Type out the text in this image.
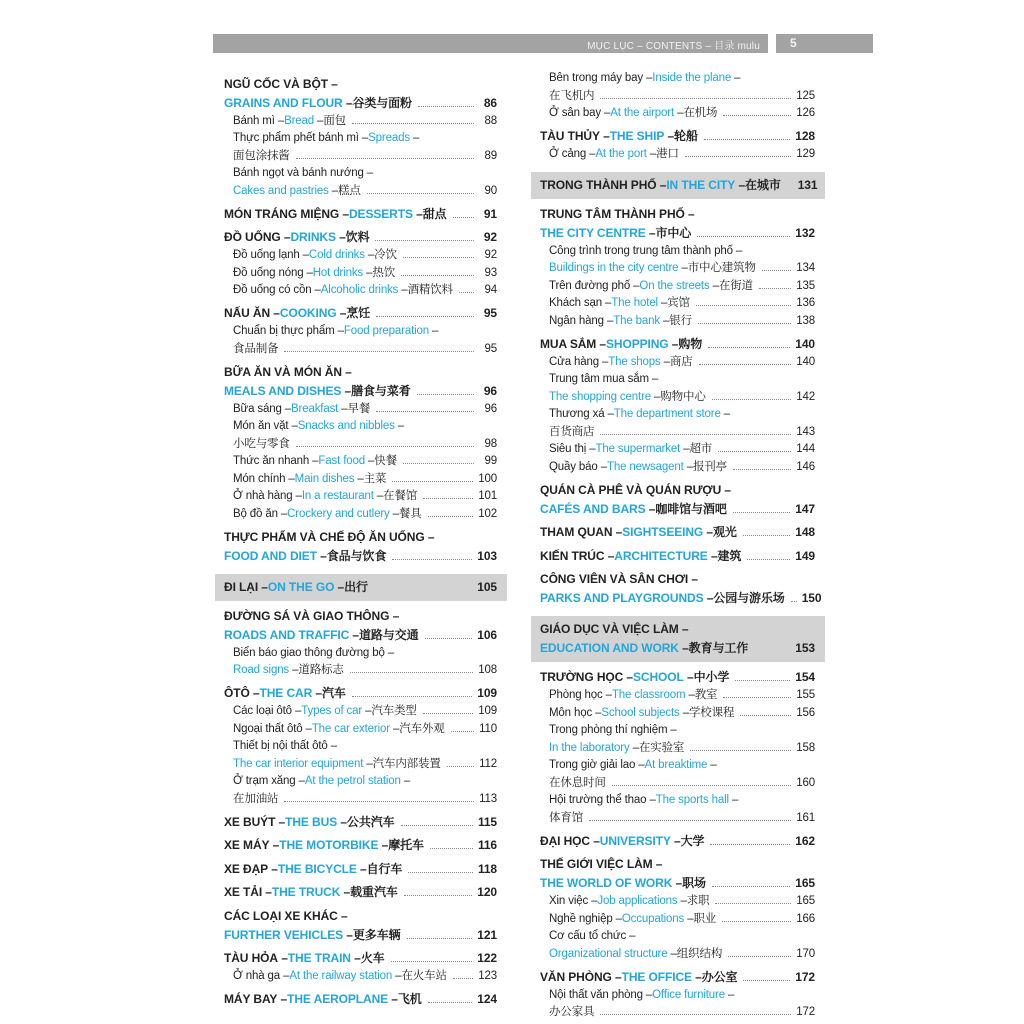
MỤC LỤC – CONTENTS – 目录 mulu	5
NGŨ CỐC VÀ BỘT
–
GRAINS AND FLOUR – 谷类与面粉	86
Bánh mì – Bread – 面包	88
Thực phẩm phết bánh mì – Spreads
–
面包涂抹酱	89
Bánh ngọt và bánh nướng
–
Cakes and pastries – 糕点	90
MÓN TRÁNG MIỆNG – DESSERTS – 甜点	91
ĐỒ UỐNG – DRINKS – 饮料	92
Đồ uống lạnh – Cold drinks – 冷饮	92
Đồ uống nóng – Hot drinks – 热饮	93
Đồ uống có cồn – Alcoholic drinks – 酒精饮料	94
NẤU ĂN – COOKING – 烹饪	95
Chuẩn bị thực phẩm – Food preparation
–
食品制备	95
BỮA ĂN VÀ MÓN ĂN
–
MEALS AND DISHES – 膳食与菜肴	96
Bữa sáng – Breakfast – 早餐	96
Món ăn vặt – Snacks and nibbles
–
小吃与零食	98
Thức ăn nhanh – Fast food – 快餐	99
Món chính – Main dishes – 主菜	100
Ở nhà hàng – In a restaurant – 在餐馆	101
Bộ đồ ăn – Crockery and cutlery – 餐具	102
THỰC PHẨM VÀ CHẾ ĐỘ ĂN UỐNG
–
FOOD AND DIET – 食品与饮食	103
ĐI LẠI – ON THE GO – 出行	105
ĐƯỜNG SÁ VÀ GIAO THÔNG
–
ROADS AND TRAFFIC – 道路与交通	106
Biển báo giao thông đường bộ
–
Road signs – 道路标志	108
ÔTÔ – THE CAR – 汽车	109
Các loại ôtô – Types of car – 汽车类型	109
Ngoại thất ôtô – The car exterior – 汽车外观	110
Thiết bị nội thất ôtô
–
The car interior equipment – 汽车内部装置	112
Ở trạm xăng – At the petrol station
–
在加油站	113
XE BUÝT – THE BUS – 公共汽车	115
XE MÁY – THE MOTORBIKE – 摩托车	116
XE ĐẠP – THE BICYCLE – 自行车	118
XE TẢI – THE TRUCK – 载重汽车	120
CÁC LOẠI XE KHÁC
–
FURTHER VEHICLES – 更多车辆	121
TÀU HỎA – THE TRAIN – 火车	122
Ở nhà ga – At the railway station – 在火车站	123
MÁY BAY – THE AEROPLANE – 飞机	124
Bên trong máy bay – Inside the plane
–
在飞机内	125
Ở sân bay – At the airport – 在机场	126
TÀU THỦY – THE SHIP – 轮船	128
Ở cảng – At the port – 港口	129
TRONG THÀNH PHỐ – IN THE CITY – 在城市 131
TRUNG TÂM THÀNH PHỐ
–
THE CITY CENTRE – 市中心	132
Công trình trong trung tâm thành phố
–
Buildings in the city centre – 市中心建筑物	134
Trên đường phố – On the streets – 在街道	135
Khách sạn – The hotel – 宾馆	136
Ngân hàng – The bank – 银行	138
MUA SẮM – SHOPPING – 购物	140
Cửa hàng – The shops – 商店	140
Trung tâm mua sắm
–
The shopping centre – 购物中心	142
Thương xá – The department store
–
百货商店	143
Siêu thị – The supermarket – 超市	144
Quầy báo – The newsagent – 报刊亭	146
QUÁN CÀ PHÊ VÀ QUÁN RƯỢU
–
CAFÉS AND BARS – 咖啡馆与酒吧	147
THAM QUAN – SIGHTSEEING – 观光	148
KIẾN TRÚC – ARCHITECTURE – 建筑	149
CÔNG VIÊN VÀ SÂN CHƠI
–
PARKS AND PLAYGROUNDS – 公园与游乐场 150
GIÁO DỤC VÀ VIỆC LÀM
–
EDUCATION AND WORK – 教育与工作	153
TRƯỜNG HỌC – SCHOOL – 中小学	154
Phòng học – The classroom – 教室	155
Môn học – School subjects – 学校课程	156
Trong phòng thí nghiệm
–
In the laboratory – 在实验室	158
Trong giờ giải lao – At breaktime
–
在休息时间	160
Hội trường thể thao – The sports hall
–
体育馆	161
ĐẠI HỌC – UNIVERSITY – 大学	162
THẾ GIỚI VIỆC LÀM
–
THE WORLD OF WORK – 职场	165
Xin việc – Job applications – 求职	165
Nghề nghiệp – Occupations – 职业	166
Cơ cấu tổ chức
–
Organizational structure – 组织结构	170
VĂN PHÒNG – THE OFFICE – 办公室	172
Nội thất văn phòng – Office furniture
–
办公家具	172
